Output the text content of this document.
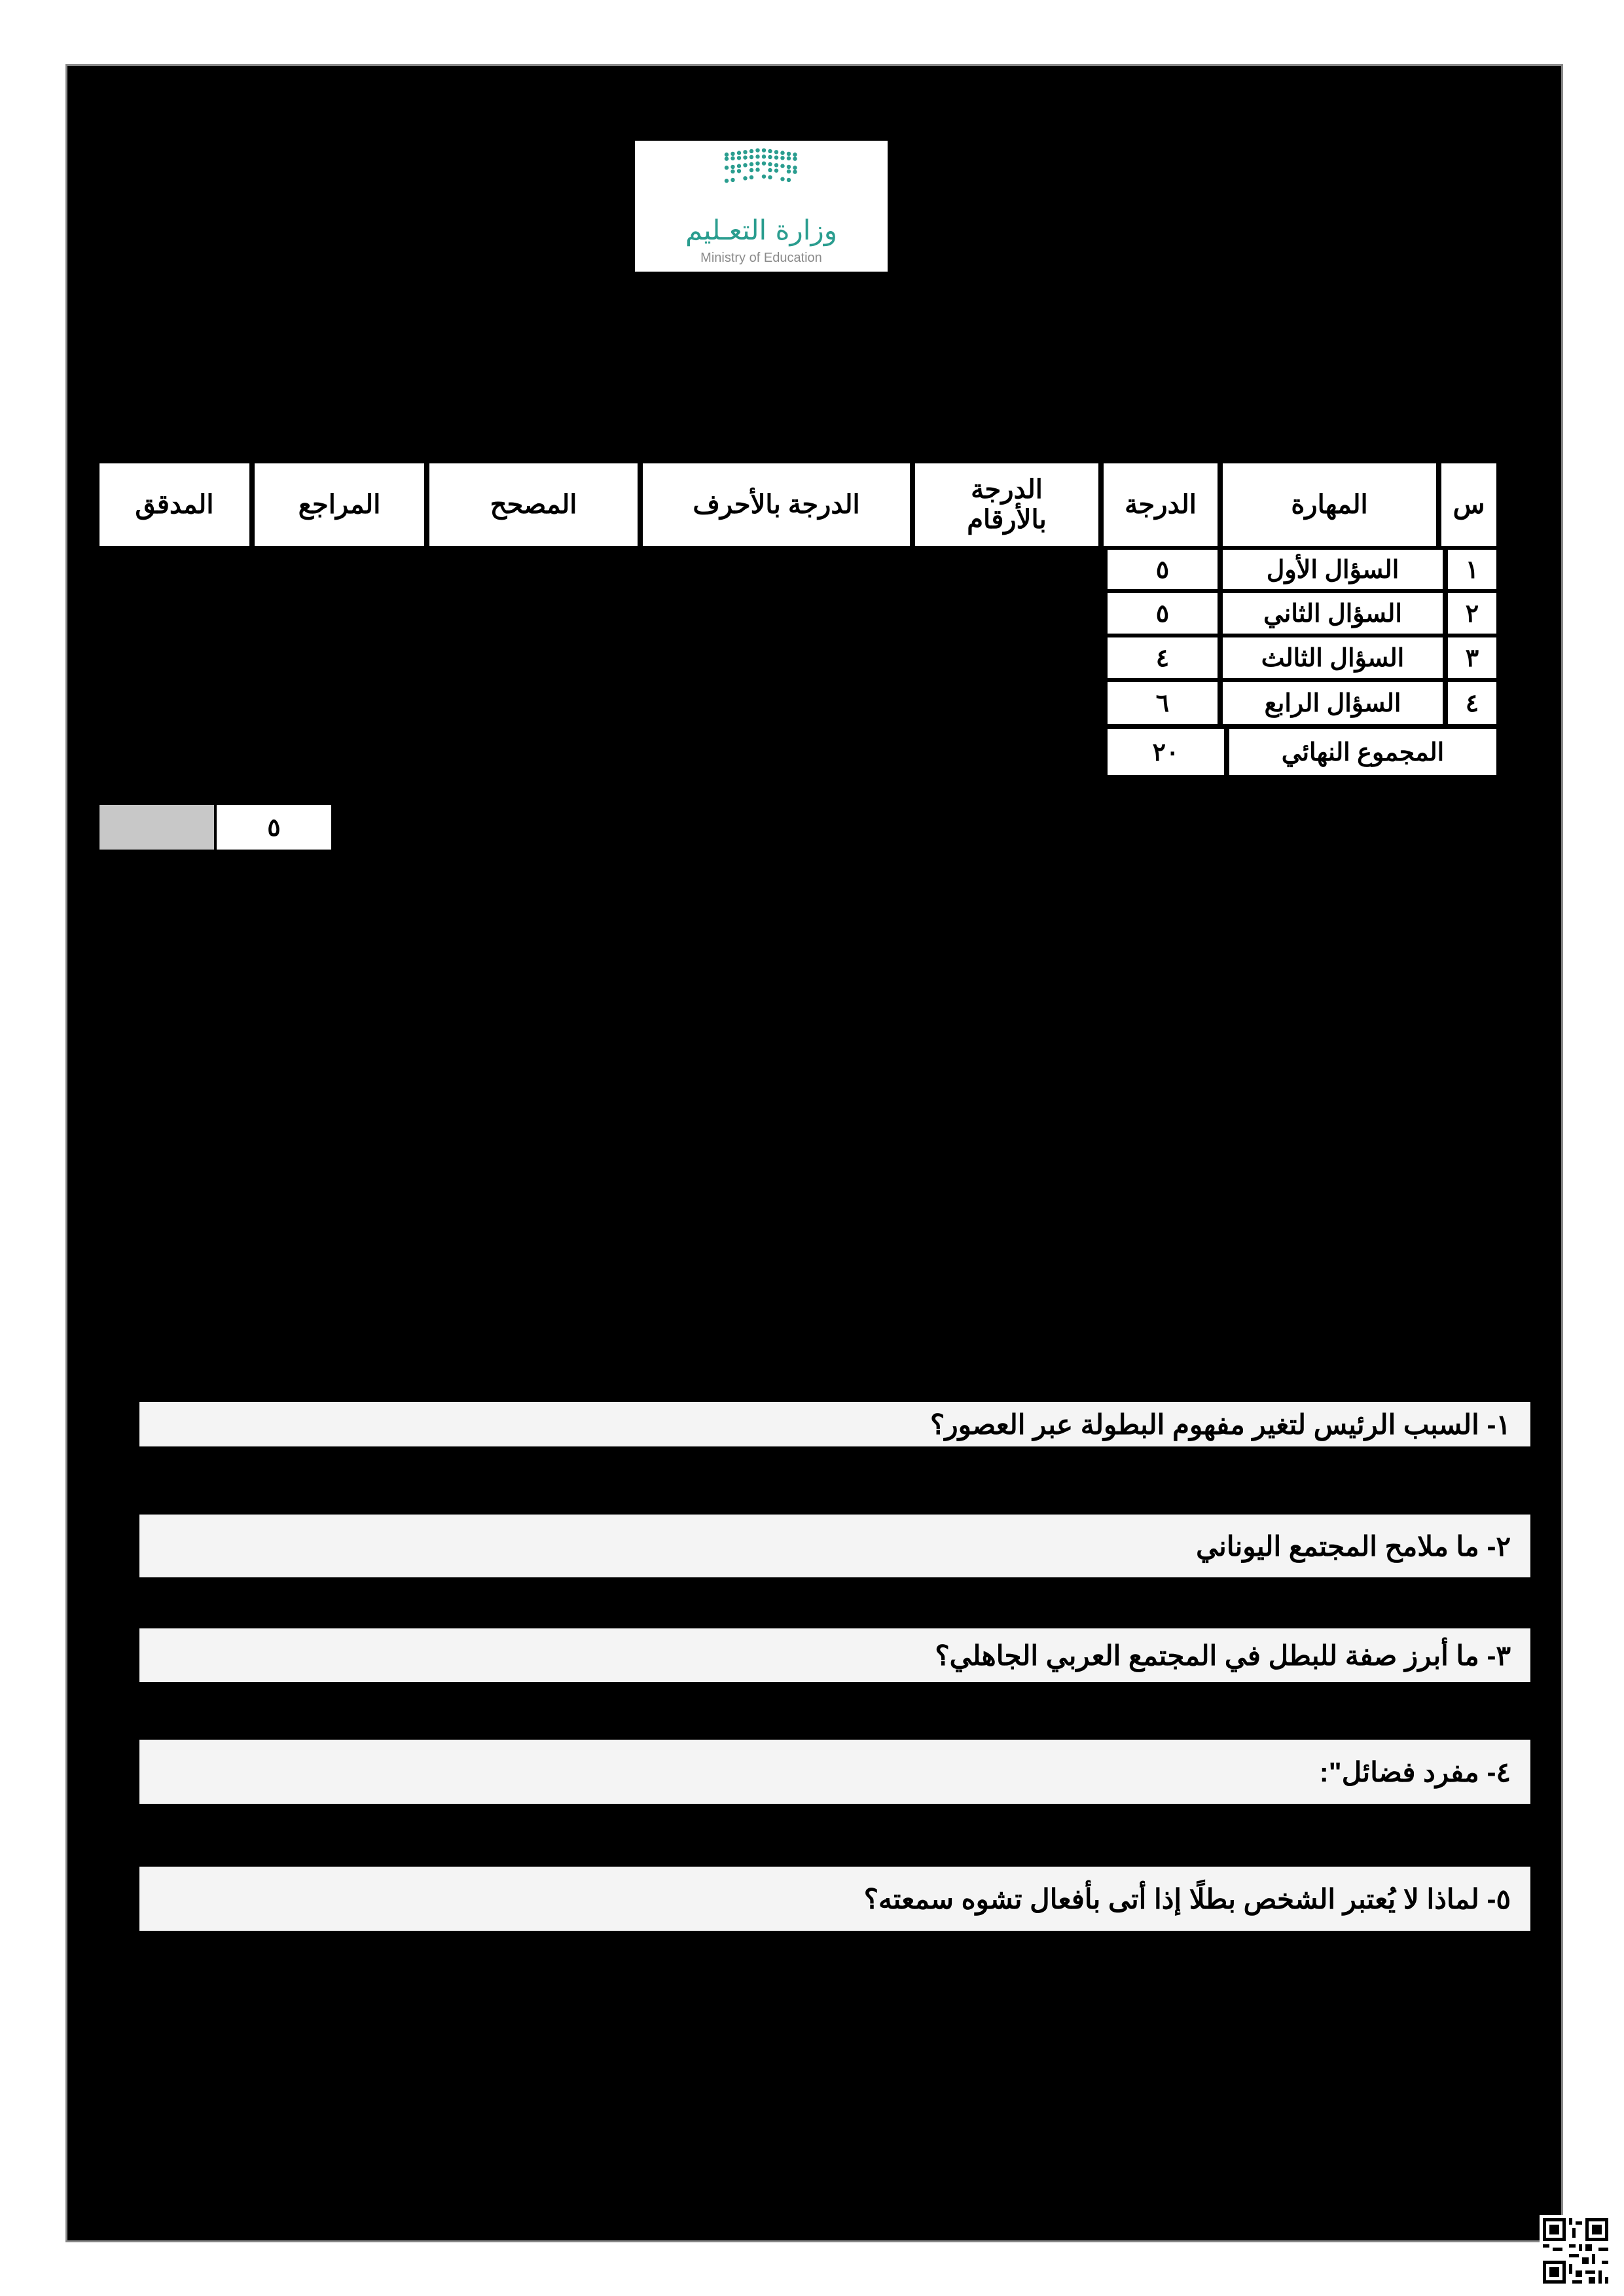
وزارة التعـليم
Ministry of Education
س
المهارة
الدرجة
الدرجة بالأرقام
الدرجة بالأحرف
المصحح
المراجع
المدقق
١
السؤال الأول
٥
٢
السؤال الثاني
٥
٣
السؤال الثالث
٤
٤
السؤال الرابع
٦
المجموع النهائي
٢٠
٥
١- السبب الرئيس لتغير مفهوم البطولة عبر العصور؟
٢- ما ملامح المجتمع اليوناني
٣- ما أبرز صفة للبطل في المجتمع العربي الجاهلي؟
٤- مفرد فضائل":
٥- لماذا لا يُعتبر الشخص بطلًا إذا أتى بأفعال تشوه سمعته؟
